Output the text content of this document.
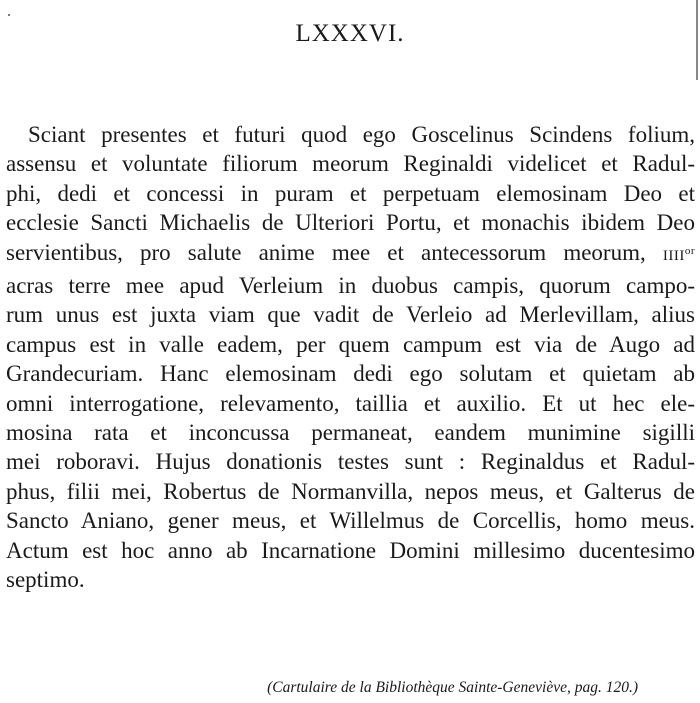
LXXXVI.
Sciant presentes et futuri quod ego Goscelinus Scindens folium,
assensu et voluntate filiorum meorum Reginaldi videlicet et Radul-
phi, dedi et concessi in puram et perpetuam elemosinam Deo et
ecclesie Sancti Michaelis de Ulteriori Portu, et monachis ibidem Deo
servientibus, pro salute anime mee et antecessorum meorum, $IIII^{or}$
acras terre mee apud Verleium in duobus campis, quorum campo-
rum unus est juxta viam que vadit de Verleio ad Merlevillam, alius
campus est in valle eadem, per quem campum est via de Augo ad
Grandecuriam. Hanc elemosinam dedi ego solutam et quietam ab
omni interrogatione, relevamento, taillia et auxilio. Et ut hec ele-
mosina rata et inconcussa permaneat, eandem munimine sigilli
mei roboravi. Hujus donationis testes sunt : Reginaldus et Radul-
phus, filii mei, Robertus de Normanvilla, nepos meus, et Galterus de
Sancto Aniano, gener meus, et Willelmus de Corcellis, homo meus.
Actum est hoc anno ab Incarnatione Domini millesimo ducentesimo
septimo.
(Cartulaire de la Bibliothèque Sainte-Geneviève, pag. 120.)
